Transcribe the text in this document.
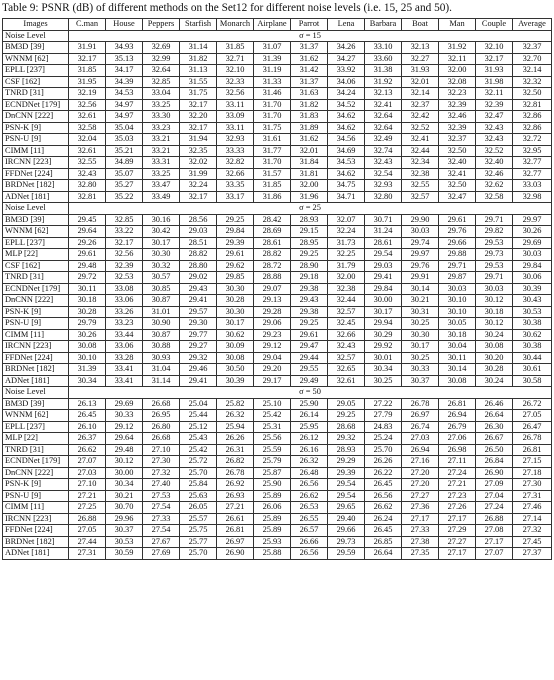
Table 9: PSNR (dB) of different methods on the Set12 for different noise levels (i.e. 15, 25 and 50).
Images	C.man	House	Peppers	Starfish	Monarch	Airplane	Parrot	Lena	Barbara	Boat	Man	Couple	Average
Noise Level	σ = 15												
BM3D [39]	31.91	34.93	32.69	31.14	31.85	31.07	31.37	34.26	33.10	32.13	31.92	32.10	32.37
WNNM [62]	32.17	35.13	32.99	31.82	32.71	31.39	31.62	34.27	33.60	32.27	32.11	32.17	32.70
EPLL [237]	31.85	34.17	32.64	31.13	32.10	31.19	31.42	33.92	31.38	31.93	32.00	31.93	32.14
CSF [162]	31.95	34.39	32.85	31.55	32.33	31.33	31.37	34.06	31.92	32.01	32.08	31.98	32.32
TNRD [31]	32.19	34.53	33.04	31.75	32.56	31.46	31.63	34.24	32.13	32.14	32.23	32.11	32.50
ECNDNet [179]	32.56	34.97	33.25	32.17	33.11	31.70	31.82	34.52	32.41	32.37	32.39	32.39	32.81
DnCNN [222]	32.61	34.97	33.30	32.20	33.09	31.70	31.83	34.62	32.64	32.42	32.46	32.47	32.86
PSN-K [9]	32.58	35.04	33.23	32.17	33.11	31.75	31.89	34.62	32.64	32.52	32.39	32.43	32.86
PSN-U [9]	32.04	35.03	33.21	31.94	32.93	31.61	31.62	34.56	32.49	32.41	32.37	32.43	32.72
CIMM [11]	32.61	35.21	33.21	32.35	33.33	31.77	32.01	34.69	32.74	32.44	32.50	32.52	32.95
IRCNN [223]	32.55	34.89	33.31	32.02	32.82	31.70	31.84	34.53	32.43	32.34	32.40	32.40	32.77
FFDNet [224]	32.43	35.07	33.25	31.99	32.66	31.57	31.81	34.62	32.54	32.38	32.41	32.46	32.77
BRDNet [182]	32.80	35.27	33.47	32.24	33.35	31.85	32.00	34.75	32.93	32.55	32.50	32.62	33.03
ADNet [181]	32.81	35.22	33.49	32.17	33.17	31.86	31.96	34.71	32.80	32.57	32.47	32.58	32.98
Noise Level	σ = 25												
BM3D [39]	29.45	32.85	30.16	28.56	29.25	28.42	28.93	32.07	30.71	29.90	29.61	29.71	29.97
WNNM [62]	29.64	33.22	30.42	29.03	29.84	28.69	29.15	32.24	31.24	30.03	29.76	29.82	30.26
EPLL [237]	29.26	32.17	30.17	28.51	29.39	28.61	28.95	31.73	28.61	29.74	29.66	29.53	29.69
MLP [22]	29.61	32.56	30.30	28.82	29.61	28.82	29.25	32.25	29.54	29.97	29.88	29.73	30.03
CSF [162]	29.48	32.39	30.32	28.80	29.62	28.72	28.90	31.79	29.03	29.76	29.71	29.53	29.84
TNRD [31]	29.72	32.53	30.57	29.02	29.85	28.88	29.18	32.00	29.41	29.91	29.87	29.71	30.06
ECNDNet [179]	30.11	33.08	30.85	29.43	30.30	29.07	29.38	32.38	29.84	30.14	30.03	30.03	30.39
DnCNN [222]	30.18	33.06	30.87	29.41	30.28	29.13	29.43	32.44	30.00	30.21	30.10	30.12	30.43
PSN-K [9]	30.28	33.26	31.01	29.57	30.30	29.28	29.38	32.57	30.17	30.31	30.10	30.18	30.53
PSN-U [9]	29.79	33.23	30.90	29.30	30.17	29.06	29.25	32.45	29.94	30.25	30.05	30.12	30.38
CIMM [11]	30.26	33.44	30.87	29.77	30.62	29.23	29.61	32.66	30.29	30.30	30.18	30.24	30.62
IRCNN [223]	30.08	33.06	30.88	29.27	30.09	29.12	29.47	32.43	29.92	30.17	30.04	30.08	30.38
FFDNet [224]	30.10	33.28	30.93	29.32	30.08	29.04	29.44	32.57	30.01	30.25	30.11	30.20	30.44
BRDNet [182]	31.39	33.41	31.04	29.46	30.50	29.20	29.55	32.65	30.34	30.33	30.14	30.28	30.61
ADNet [181]	30.34	33.41	31.14	29.41	30.39	29.17	29.49	32.61	30.25	30.37	30.08	30.24	30.58
Noise Level	σ = 50												
BM3D [39]	26.13	29.69	26.68	25.04	25.82	25.10	25.90	29.05	27.22	26.78	26.81	26.46	26.72
WNNM [62]	26.45	30.33	26.95	25.44	26.32	25.42	26.14	29.25	27.79	26.97	26.94	26.64	27.05
EPLL [237]	26.10	29.12	26.80	25.12	25.94	25.31	25.95	28.68	24.83	26.74	26.79	26.30	26.47
MLP [22]	26.37	29.64	26.68	25.43	26.26	25.56	26.12	29.32	25.24	27.03	27.06	26.67	26.78
TNRD [31]	26.62	29.48	27.10	25.42	26.31	25.59	26.16	28.93	25.70	26.94	26.98	26.50	26.81
ECNDNet [179]	27.07	30.12	27.30	25.72	26.82	25.79	26.32	29.29	26.26	27.16	27.11	26.84	27.15
DnCNN [222]	27.03	30.00	27.32	25.70	26.78	25.87	26.48	29.39	26.22	27.20	27.24	26.90	27.18
PSN-K [9]	27.10	30.34	27.40	25.84	26.92	25.90	26.56	29.54	26.45	27.20	27.21	27.09	27.30
PSN-U [9]	27.21	30.21	27.53	25.63	26.93	25.89	26.62	29.54	26.56	27.27	27.23	27.04	27.31
CIMM [11]	27.25	30.70	27.54	26.05	27.21	26.06	26.53	29.65	26.62	27.36	27.26	27.24	27.46
IRCNN [223]	26.88	29.96	27.33	25.57	26.61	25.89	26.55	29.40	26.24	27.17	27.17	26.88	27.14
FFDNet [224]	27.05	30.37	27.54	25.75	26.81	25.89	26.57	29.66	26.45	27.33	27.29	27.08	27.32
BRDNet [182]	27.44	30.53	27.67	25.77	26.97	25.93	26.66	29.73	26.85	27.38	27.27	27.17	27.45
ADNet [181]	27.31	30.59	27.69	25.70	26.90	25.88	26.56	29.59	26.64	27.35	27.17	27.07	27.37
